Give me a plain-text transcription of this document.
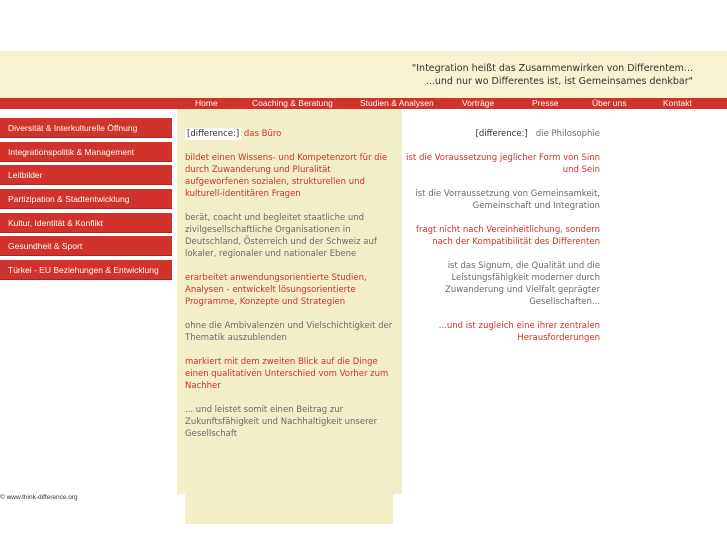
"Integration heißt das Zusammenwirken von Differentem...
...und nur wo Differentes ist, ist Gemeinsames denkbar"
Home	Coaching & Beratung	Studien & Analysen	Vorträge	Presse	Über uns	Kontakt
Diversität & Interkulturelle Öffnung
Integrationspolitik & Management
Leitbilder
Partizipation & Stadtentwicklung
Kultur, Identität & Konflikt
Gesundheit & Sport
Türkei - EU Beziehungen & Entwicklung

[difference:] das Büro

bildet einen Wissens- und Kompetenzort für die durch Zuwanderung und Pluralität aufgeworfenen sozialen, strukturellen und kulturell-identitären Fragen

berät, coacht und begleitet staatliche und zivilgesellschaftliche Organisationen in Deutschland, Österreich und der Schweiz auf lokaler, regionaler und nationaler Ebene

erarbeitet anwendungsorientierte Studien, Analysen - entwickelt lösungsorientierte Programme, Konzepte und Strategien

ohne die Ambivalenzen und Vielschichtigkeit der Thematik auszublenden

markiert mit dem zweiten Blick auf die Dinge einen qualitativen Unterschied vom Vorher zum Nachher

... und leistet somit einen Beitrag zur Zukunftsfähigkeit und Nachhaltigkeit unserer Gesellschaft

[difference:] die Philosophie

ist die Voraussetzung jeglicher Form von Sinn und Sein

ist die Vorraussetzung von Gemeinsamkeit, Gemeinschaft und Integration

fragt nicht nach Vereinheitlichung, sondern nach der Kompatibilität des Differenten

ist das Signum, die Qualität und die Leistungsfähigkeit moderner durch Zuwanderung und Vielfalt geprägter Gesellschaften...

...und ist zugleich eine ihrer zentralen Herausforderungen

© www.think-difference.org
